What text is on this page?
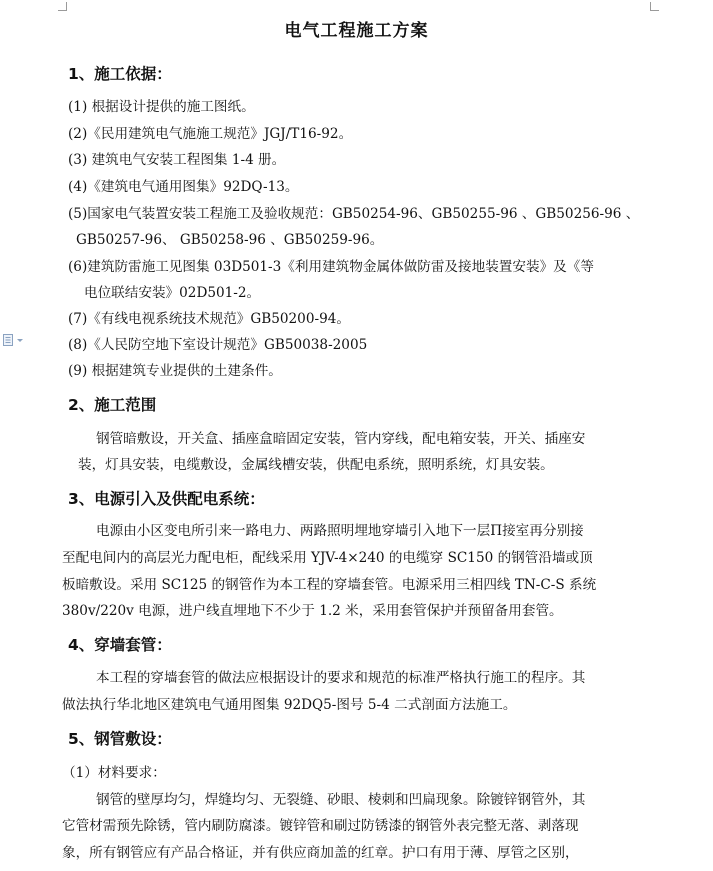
电气工程施工方案
1、施工依据：
(1) 根据设计提供的施工图纸。
(2)《民用建筑电气施施工规范》JGJ/T16-92。
(3) 建筑电气安装工程图集 1-4 册。
(4)《建筑电气通用图集》92DQ-13。
(5)国家电气装置安装工程施工及验收规范：GB50254-96、GB50255-96 、GB50256-96 、
GB50257-96、 GB50258-96 、GB50259-96。
(6)建筑防雷施工见图集 03D501-3《利用建筑物金属体做防雷及接地装置安装》及《等
电位联结安装》02D501-2。
(7)《有线电视系统技术规范》GB50200-94。
(8)《人民防空地下室设计规范》GB50038-2005
(9) 根据建筑专业提供的土建条件。
2、施工范围
钢管暗敷设，开关盒、插座盒暗固定安装，管内穿线，配电箱安装，开关、插座安
装，灯具安装，电缆敷设，金属线槽安装，供配电系统，照明系统，灯具安装。
3、电源引入及供配电系统：
电源由小区变电所引来一路电力、两路照明埋地穿墙引入地下一层Π接室再分别接
至配电间内的高层光力配电柜，配线采用 YJV-4×240 的电缆穿 SC150 的钢管沿墙或顶
板暗敷设。采用 SC125 的钢管作为本工程的穿墙套管。电源采用三相四线 TN-C-S 系统
380v/220v 电源，进户线直埋地下不少于 1.2 米，采用套管保护并预留备用套管。
4、穿墙套管：
本工程的穿墙套管的做法应根据设计的要求和规范的标准严格执行施工的程序。其
做法执行华北地区建筑电气通用图集 92DQ5-图号 5-4 二式剖面方法施工。
5、钢管敷设：
（1）材料要求：
钢管的壁厚均匀，焊缝均匀、无裂缝、砂眼、棱刺和凹扁现象。除镀锌钢管外，其
它管材需预先除锈，管内刷防腐漆。镀锌管和刷过防锈漆的钢管外表完整无落、剥落现
象，所有钢管应有产品合格证，并有供应商加盖的红章。护口有用于薄、厚管之区别，
